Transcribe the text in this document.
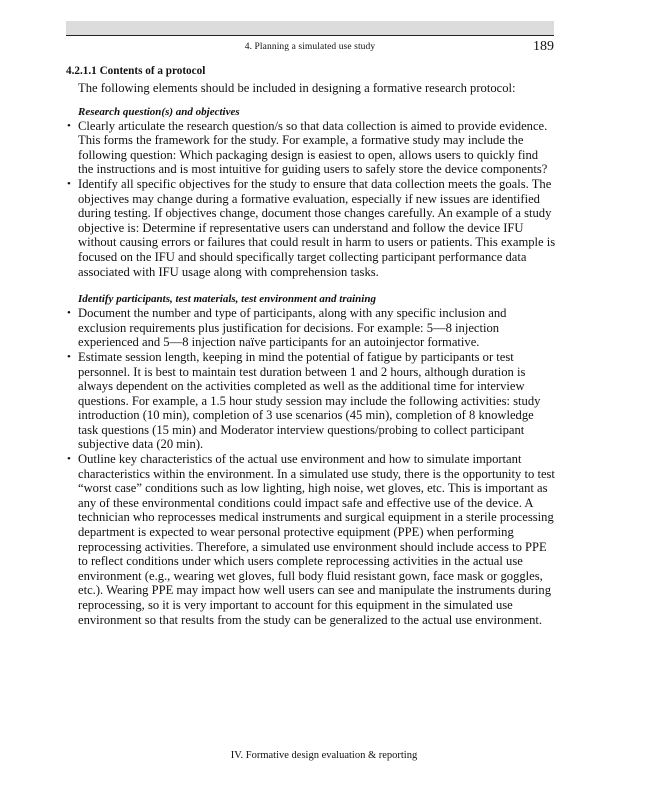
4. Planning a simulated use study	189
4.2.1.1 Contents of a protocol

The following elements should be included in designing a formative research protocol:

Research question(s) and objectives
• Clearly articulate the research question/s so that data collection is aimed to provide evidence. This forms the framework for the study. For example, a formative study may include the following question: Which packaging design is easiest to open, allows users to quickly find the instructions and is most intuitive for guiding users to safely store the device components?
• Identify all specific objectives for the study to ensure that data collection meets the goals. The objectives may change during a formative evaluation, especially if new issues are identified during testing. If objectives change, document those changes carefully. An example of a study objective is: Determine if representative users can understand and follow the device IFU without causing errors or failures that could result in harm to users or patients. This example is focused on the IFU and should specifically target collecting participant performance data associated with IFU usage along with comprehension tasks.
Identify participants, test materials, test environment and training
• Document the number and type of participants, along with any specific inclusion and exclusion requirements plus justification for decisions. For example: 5—8 injection experienced and 5—8 injection naïve participants for an autoinjector formative.
• Estimate session length, keeping in mind the potential of fatigue by participants or test personnel. It is best to maintain test duration between 1 and 2 hours, although duration is always dependent on the activities completed as well as the additional time for interview questions. For example, a 1.5 hour study session may include the following activities: study introduction (10 min), completion of 3 use scenarios (45 min), completion of 8 knowledge task questions (15 min) and Moderator interview questions/probing to collect participant subjective data (20 min).
• Outline key characteristics of the actual use environment and how to simulate important characteristics within the environment. In a simulated use study, there is the opportunity to test “worst case” conditions such as low lighting, high noise, wet gloves, etc. This is important as any of these environmental conditions could impact safe and effective use of the device. A technician who reprocesses medical instruments and surgical equipment in a sterile processing department is expected to wear personal protective equipment (PPE) when performing reprocessing activities. Therefore, a simulated use environment should include access to PPE to reflect conditions under which users complete reprocessing activities in the actual use environment (e.g., wearing wet gloves, full body fluid resistant gown, face mask or goggles, etc.). Wearing PPE may impact how well users can see and manipulate the instruments during reprocessing, so it is very important to account for this equipment in the simulated use environment so that results from the study can be generalized to the actual use environment.
IV. Formative design evaluation & reporting
